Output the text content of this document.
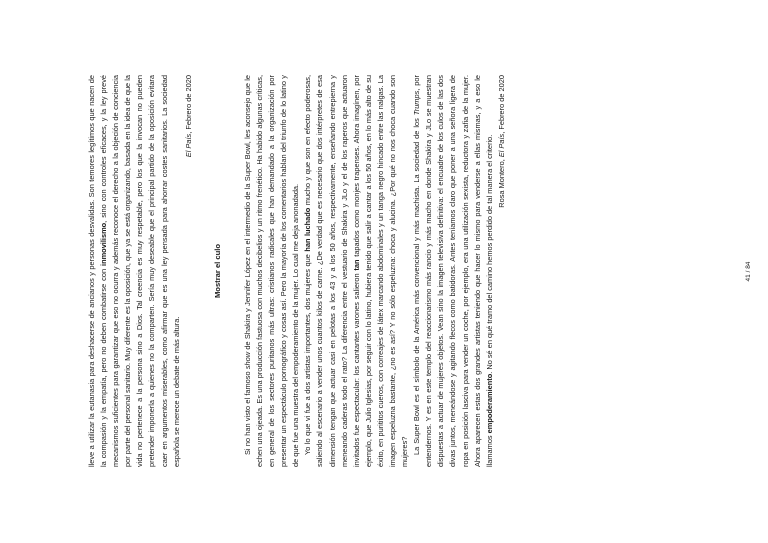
lleve a utilizar la eutanasia para deshacerse de ancianos y personas desvalidas. Son temores legítimos que nacen de la compasión y la empatía, pero no deben combatirse con inmovilismo, sino con controles eficaces, y la ley prevé mecanismos suficientes para garantizar que eso no ocurra y además reconoce el derecho a la objeción de conciencia por parte del personal sanitario. Muy diferente es la oposición, que ya se está organizando, basada en la idea de que la vida no pertenece a la persona sino a Dios. Tal creencia es muy respetable, pero los que la invocan no pueden pretender imponerla a quienes no la comparten. Sería muy deseable que el principal partido de la oposición evitara caer en argumentos miserables, como afirmar que es una ley pensada para ahorrar costes sanitarios. La sociedad española se merece un debate de más altura.

El País, Febrero de 2020

Mostrar el culo

Si no han visto el famoso show de Shakira y Jennifer López en el intermedio de la Super Bowl, les aconsejo que le echen una ojeada. Es una producción fastuosa con muchos decibelios y un ritmo frenético. Ha habido algunas críticas, en general de los sectores puritanos más ultras: cristianos radicales que han demandado a la organización por presentar un espectáculo pornográfico y cosas así. Pero la mayoría de los comentarios hablan del triunfo de lo latino y de que fue una muestra del empoderamiento de la mujer. Lo cual me deja anonadada. Yo lo que vi fue a dos artistas importantes, dos mujeres que han luchado mucho y que son en efecto poderosas, saliendo al escenario a vender unos cuantos kilos de carne. ¿De verdad que es necesario que dos intérpretes de esa dimensión tengan que actuar casi en pelotas a los 43 y a los 50 años, respectivamente, enseñando entrepierna y meneando caderas todo el rato? La diferencia entre el vestuario de Shakira y JLo y el de los raperos que actuaron invitados fue espectacular: los cantantes varones salieron tan tapados como monjes trapenses. Ahora imagínen, por ejemplo, que Julio Iglesias, por seguir con lo latino, hubiera tenido que salir a cantar a los 50 años, en lo más alto de su éxito, en purititos cueros, con correajes de látex marcando abdominales y un tanga negro hincado entre las nalgas. La imagen espeluzna bastante, ¿no es así? Y no sólo espeluzna: choca y alucina. ¿Por qué no nos choca cuando son mujeres? La Super Bowl es el símbolo de la América más convencional y más machista. La sociedad de los Trumps, por entendernos. Y es en este templo del reaccionarismo más rancio y más macho en donde Shakira y JLo se muestran dispuestas a actuar de mujeres objetos. Vean sino la imagen televisiva definitiva: el encuadre de los culos de las dos divas juntos, meneándose y agitando flecos como batidoras. Antes teníamos claro que poner a una señora ligera de ropa en posición lasciva para vender un coche, por ejemplo, era una utilización sexista, reductora y zafia de la mujer. Ahora aparecen estas dos grandes artistas teniendo que hacer lo mismo para venderse a ellas mismas, y a eso le llamamos empoderamiento. No sé en qué tramo del camino hemos perdido de tal manera el criterio. Rosa Montero, El País, Febrero de 2020

41 / 84
